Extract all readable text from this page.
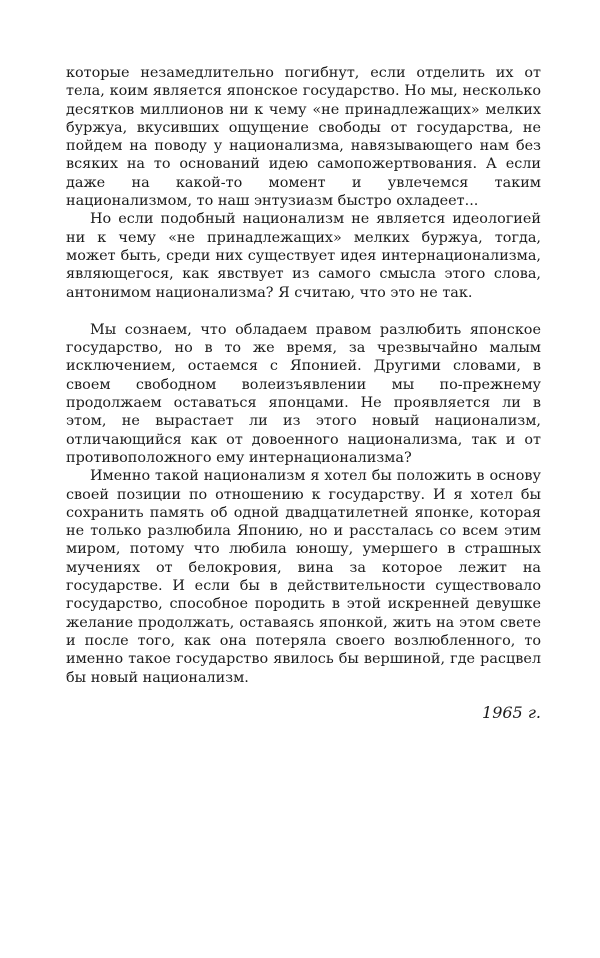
которые незамедлительно погибнут, если отделить их от тела, коим является японское государство. Но мы, несколько десятков миллионов ни к чему «не принадлежащих» мелких буржуа, вкусивших ощущение свободы от государства, не пойдем на поводу у национализма, навязывающего нам без всяких на то оснований идею самопожертвования. А если даже на какой-то момент и увлечемся таким национализмом, то наш энтузиазм быстро охладеет...

Но если подобный национализм не является идеологией ни к чему «не принадлежащих» мелких буржуа, тогда, может быть, среди них существует идея интернационализма, являющегося, как явствует из самого смысла этого слова, антонимом национализма? Я считаю, что это не так.

Мы сознаем, что обладаем правом разлюбить японское государство, но в то же время, за чрезвычайно малым исключением, остаемся с Японией. Другими словами, в своем свободном волеизъявлении мы по-прежнему продолжаем оставаться японцами. Не проявляется ли в этом, не вырастает ли из этого новый национализм, отличающийся как от довоенного национализма, так и от противоположного ему интернационализма?

Именно такой национализм я хотел бы положить в основу своей позиции по отношению к государству. И я хотел бы сохранить память об одной двадцатилетней японке, которая не только разлюбила Японию, но и рассталась со всем этим миром, потому что любила юношу, умершего в страшных мучениях от белокровия, вина за которое лежит на государстве. И если бы в действительности существовало государство, способное породить в этой искренней девушке желание продолжать, оставаясь японкой, жить на этом свете и после того, как она потеряла своего возлюбленного, то именно такое государство явилось бы вершиной, где расцвел бы новый национализм.

1965 г.
